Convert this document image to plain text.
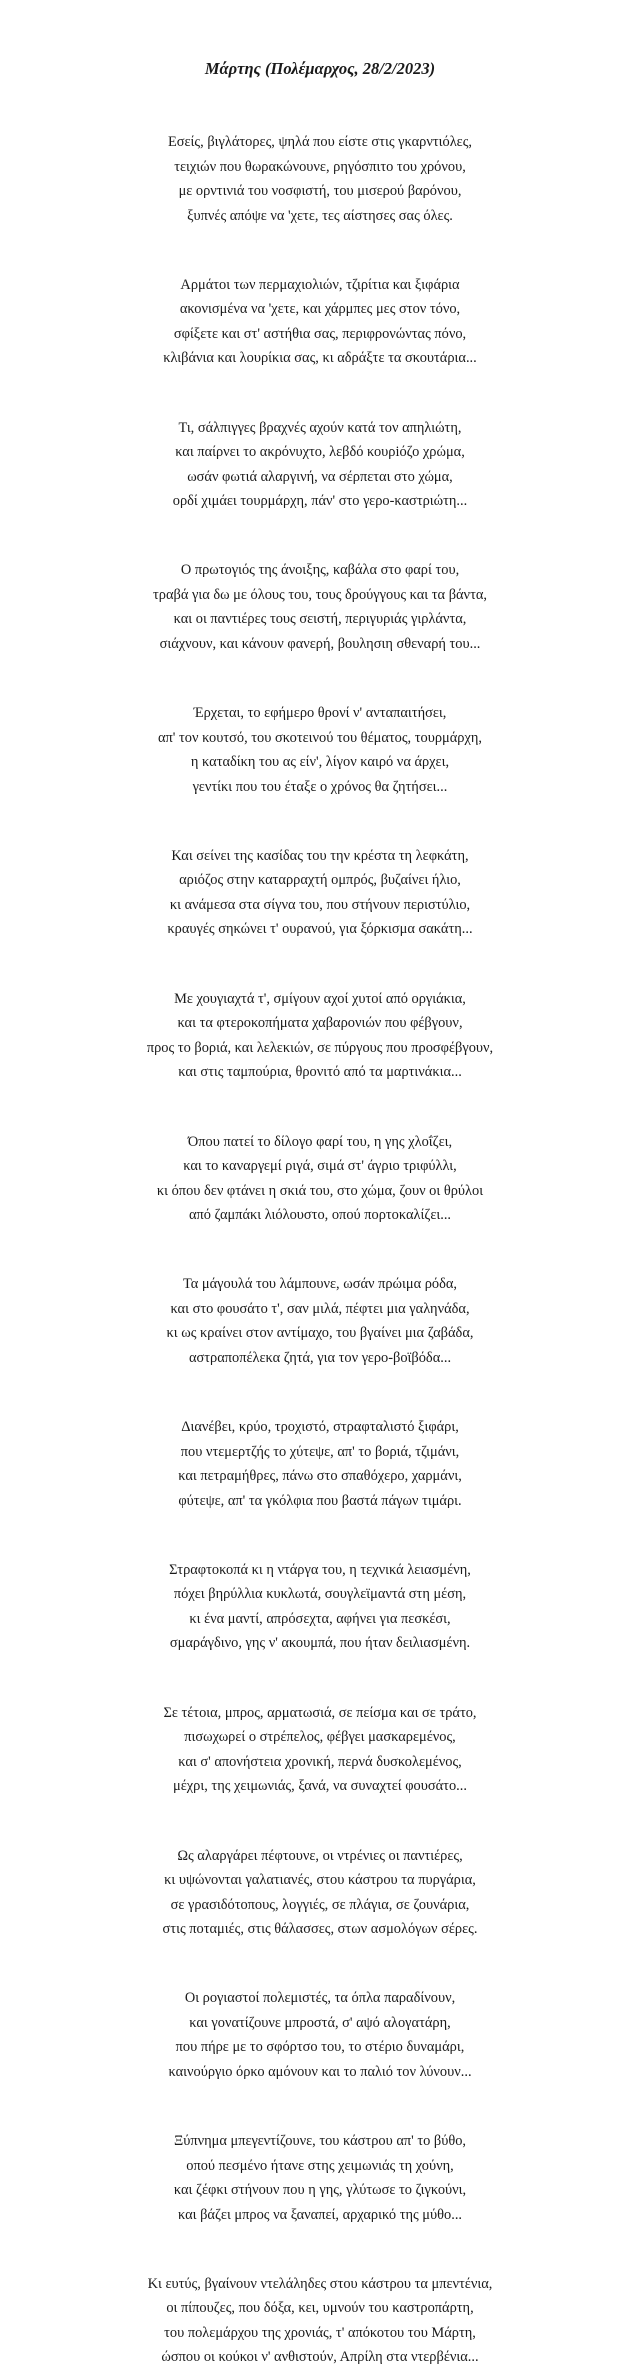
Μάρτης (Πολέμαρχος, 28/2/2023)
Εσείς, βιγλάτορες, ψηλά που είστε στις γκαρντιόλες,
τειχιών που θωρακώνουνε, ρηγόσπιτο του χρόνου,
με ορντινιά του νοσφιστή, του μισερού βαρόνου,
ξυπνές απόψε να 'χετε, τες αίστησες σας όλες.
Αρμάτοι των περμαχιολιών, τζιρίτια και ξιφάρια
ακονισμένα να 'χετε, και χάρμπες μες στον τόνο,
σφίξετε και στ' αστήθια σας, περιφρονώντας πόνο,
κλιβάνια και λουρίκια σας, κι αδράξτε τα σκουτάρια...
Τι, σάλπιγγες βραχνές αχούν κατά τον απηλιώτη,
και παίρνει το ακρόνυχτο, λεβδό κουρiόζο χρώμα,
ωσάν φωτιά αλαργινή, να σέρπεται στο χώμα,
ορδί χιμάει τουρμάρχη, πάν' στο γερο-καστριώτη...
Ο πρωτογιός της άνοιξης, καβάλα στο φαρί του,
τραβά για δω με όλους του, τους δρούγγους και τα βάντα,
και οι παντιέρες τους σειστή, περιγυριάς γιρλάντα,
σιάχνουν, και κάνουν φανερή, βουλησιη σθεναρή του...
Έρχεται, το εφήμερο θρονί ν' ανταπαιτήσει,
απ' τον κουτσό, του σκοτεινού του θέματος, τουρμάρχη,
η καταδίκη του ας είν', λίγον καιρό να άρχει,
γεντίκι που του έταξε ο χρόνος θα ζητήσει...
Και σείνει της κασίδας του την κρέστα τη λεφκάτη,
αριόζος στην καταρραχτή ομπρός, βυζαίνει ήλιο,
κι ανάμεσα στα σίγνα του, που στήνουν περιστύλιο,
κραυγές σηκώνει τ' ουρανού, για ξόρκισμα σακάτη...
Με χουγιαχτά τ', σμίγουν αχοί χυτοί από οργιάκια,
και τα φτεροκοπήματα χαβαρονιών που φέβγουν,
προς το βοριά, και λελεκιών, σε πύργους που προσφέβγουν,
και στις ταμπούρια, θρονιτό από τα μαρτινάκια...
Όπου πατεί το δίλογο φαρί του, η γης χλοΐζει,
και το καναργεμί ριγά, σιμά στ' άγριο τριφύλλι,
κι όπου δεν φτάνει η σκιά του, στο χώμα, ζουν οι θρύλοι
από ζαμπάκι λιόλουστο, οπού πορτοκαλίζει...
Τα μάγουλά του λάμπουνε, ωσάν πρώιμα ρόδα,
και στο φουσάτο τ', σαν μιλά, πέφτει μια γαληνάδα,
κι ως κραίνει στον αντίμαχο, του βγαίνει μια ζαβάδα,
αστραποπέλεκα ζητά, για τον γερο-βοϊβόδα...
Διανέβει, κρύο, τροχιστό, στραφταλιστό ξιφάρι,
που ντεμερτζής το χύτεψε, απ' το βοριά, τζιμάνι,
και πετραμήθρες, πάνω στο σπαθόχερο, χαρμάνι,
φύτεψε, απ' τα γκόλφια που βαστά πάγων τιμάρι.
Στραφτοκοπά κι η ντάργα του, η τεχνικά λειασμένη,
πόχει βηρύλλια κυκλωτά, σουγλεϊμαντά στη μέση,
κι ένα μαντί, απρόσεχτα, αφήνει για πεσκέσι,
σμαράγδινο, γης ν' ακουμπά, που ήταν δειλιασμένη.
Σε τέτοια, μπρος, αρματωσιά, σε πείσμα και σε τράτο,
πισωχωρεί ο στρέπελος, φέβγει μασκαρεμένος,
και σ' απονήστεια χρονική, περνά δυσκολεμένος,
μέχρι, της χειμωνιάς, ξανά, να συναχτεί φουσάτο...
Ως αλαργάρει πέφτουνε, οι ντρένιες οι παντιέρες,
κι υψώνονται γαλατιανές, στου κάστρου τα πυργάρια,
σε γρασιδότοπους, λογγιές, σε πλάγια, σε ζουνάρια,
στις ποταμιές, στις θάλασσες, στων ασμολόγων σέρες.
Οι ρογιαστοί πολεμιστές, τα όπλα παραδίνουν,
και γονατίζουνε μπροστά, σ' αψό αλογατάρη,
που πήρε με το σφόρτσο του, το στέριο δυναμάρι,
καινούργιο όρκο αμόνουν και το παλιό τον λύνουν...
Ξύπνημα μπεγεντίζουνε, του κάστρου απ' το βύθο,
οπού πεσμένο ήτανε στης χειμωνιάς τη χούνη,
και ζέφκι στήνουν που η γης, γλύτωσε το ζιγκούνι,
και βάζει μπρος να ξαναπεί, αρχαρικό της μύθο...
Κι ευτύς, βγαίνουν ντελάληδες στου κάστρου τα μπεντένια,
οι πίπουζες, που δόξα, κει, υμνούν του καστροπάρτη,
του πολεμάρχου της χρονιάς, τ' απόκοτου του Μάρτη,
ώσπου οι κούκοι ν' ανθιστούν, Απρίλη στα ντερβένια...
